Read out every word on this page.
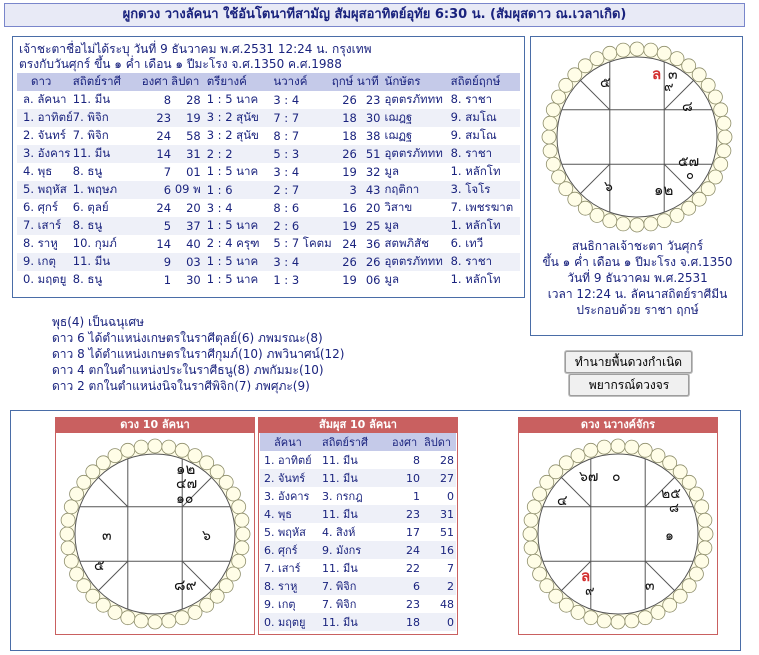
ผูกดวง วางลัคนา ใช้อันโตนาทีสามัญ สัมผุสอาทิตย์อุทัย 6:30 น. (สัมผุสดาว ณ.เวลาเกิด)
เจ้าชะตาชื่อไม่ได้ระบุ วันที่ 9 ธันวาคม พ.ศ.2531 12:24 น. กรุงเทพ
ตรงกับวันศุกร์ ขึ้น ๑ ค่ำ เดือน ๑ ปีมะโรง จ.ศ.1350 ค.ศ.1988
ดาว	สถิตย์ราศี	องศา	ลิปดา	ตรียางค์	นวางค์	ฤกษ์	นาที	นักษัตร	สถิตย์ฤกษ์
ล. ลัคนา	11. มีน	8	28	1 : 5 นาค	3 : 4	26	23	อุตตรภัททท	8. ราชา
1. อาทิตย์	7. พิจิก	23	19	3 : 2 สุนัข	7 : 7	18	30	เฌฎฐ	9. สมโณ
2. จันทร์	7. พิจิก	24	58	3 : 2 สุนัข	8 : 7	18	38	เฌฏฐ	9. สมโณ
3. อังคาร	11. มีน	14	31	2 : 2	5 : 3	26	51	อุตตรภัททท	8. ราชา
4. พุธ	8. ธนู	7	01	1 : 5 นาค	3 : 4	19	32	มูล	1. หลักโท
5. พฤหัส	1. พฤษภ	6	09 พ	1 : 6	2 : 7	3	43	กฤติกา	3. โจโร
6. ศุกร์	6. ตุลย์	24	20	3 : 4	8 : 6	16	20	วิสาข	7. เพชรฆาต
7. เสาร์	8. ธนู	5	37	1 : 5 นาค	2 : 6	19	25	มูล	1. หลักโท
8. ราหู	10. กุมภ์	14	40	2 : 4 ครุฑ	5 : 7 โคตม	24	36	สตพภิสัช	6. เทวี
9. เกตุ	11. มีน	9	03	1 : 5 นาค	3 : 4	26	26	อุตตรภัททท	8. ราชา
0. มฤตยู	8. ธนู	1	30	1 : 5 นาค	1 : 3	19	06	มูล	1. หลักโท
พุธ(4) เป็นฉนุเศษ
ดาว 6 ได้ตำแหน่งเกษตรในราศีตุลย์(6) ภพมรณะ(8)
ดาว 8 ได้ตำแหน่งเกษตรในราศีกุมภ์(10) ภพวินาศน์(12)
ดาว 4 ตกในตำแหน่งประในราศีธนู(8) ภพกัมมะ(10)
ดาว 2 ตกในตำแหน่งนิจในราศีพิจิก(7) ภพศุภะ(9)
๕	ล ๓
๙
๘
๕๗
๐
๖	๑๒
สนธิกาลเจ้าชะตา วันศุกร์
ขึ้น ๑ ค่ำ เดือน ๑ ปีมะโรง จ.ศ.1350
วันที่ 9 ธันวาคม พ.ศ.2531
เวลา 12:24 น. ลัคนาสถิตย์ราศีมีน
ประกอบด้วย ราชา ฤกษ์
ทำนายพื้นดวงกำเนิด
พยากรณ์ดวงจร
ดวง 10 ลัคนา
๑๒
๔๗
๑๐
๓	๖
๕
๘๙
สัมผุส 10 ลัคนา
ลัคนา	สถิตย์ราศี	องศา	ลิปดา
1. อาทิตย์	11. มีน	8	28
2. จันทร์	11. มีน	10	27
3. อังคาร	3. กรกฎ	1	0
4. พุธ	11. มีน	23	31
5. พฤหัส	4. สิงห์	17	51
6. ศุกร์	9. มังกร	24	16
7. เสาร์	11. มีน	22	7
8. ราหู	7. พิจิก	6	2
9. เกตุ	7. พิจิก	23	48
0. มฤตยู	11. มีน	18	0
ดวง นวางค์จักร
๖๗ ๐
๒๕
๘
๔
๑
ล
๙	๓
